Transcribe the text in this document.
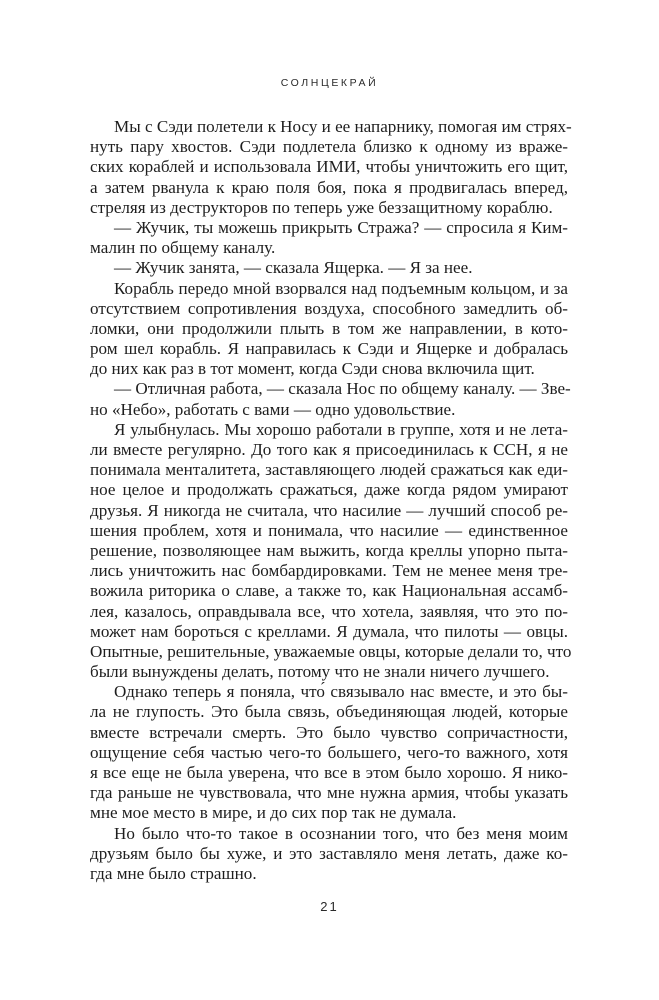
СОЛНЦЕКРАЙ

Мы с Сэди полетели к Носу и ее напарнику, помогая им стрях-
нуть пару хвостов. Сэди подлетела близко к одному из враже-
ских кораблей и использовала ИМИ, чтобы уничтожить его щит,
а затем рванула к краю поля боя, пока я продвигалась вперед,
стреляя из деструкторов по теперь уже беззащитному кораблю.

— Жучик, ты можешь прикрыть Стража? — спросила я Ким-
малин по общему каналу.

— Жучик занята, — сказала Ящерка. — Я за нее.

Корабль передо мной взорвался над подъемным кольцом, и за
отсутствием сопротивления воздуха, способного замедлить об-
ломки, они продолжили плыть в том же направлении, в кото-
ром шел корабль. Я направилась к Сэди и Ящерке и добралась
до них как раз в тот момент, когда Сэди снова включила щит.

— Отличная работа, — сказала Нос по общему каналу. — Зве-
но «Небо», работать с вами — одно удовольствие.

Я улыбнулась. Мы хорошо работали в группе, хотя и не лета-
ли вместе регулярно. До того как я присоединилась к ССН, я не
понимала менталитета, заставляющего людей сражаться как еди-
ное целое и продолжать сражаться, даже когда рядом умирают
друзья. Я никогда не считала, что насилие — лучший способ ре-
шения проблем, хотя и понимала, что насилие — единственное
решение, позволяющее нам выжить, когда креллы упорно пыта-
лись уничтожить нас бомбардировками. Тем не менее меня тре-
вожила риторика о славе, а также то, как Национальная ассамб-
лея, казалось, оправдывала все, что хотела, заявляя, что это по-
может нам бороться с креллами. Я думала, что пилоты — овцы.
Опытные, решительные, уважаемые овцы, которые делали то, что
были вынуждены делать, потому что не знали ничего лучшего.

Однако теперь я поняла, что́ связывало нас вместе, и это бы-
ла не глупость. Это была связь, объединяющая людей, которые
вместе встречали смерть. Это было чувство сопричастности,
ощущение себя частью чего-то большего, чего-то важного, хотя
я все еще не была уверена, что все в этом было хорошо. Я нико-
гда раньше не чувствовала, что мне нужна армия, чтобы указать
мне мое место в мире, и до сих пор так не думала.

Но было что-то такое в осознании того, что без меня моим
друзьям было бы хуже, и это заставляло меня летать, даже ко-
гда мне было страшно.

21
